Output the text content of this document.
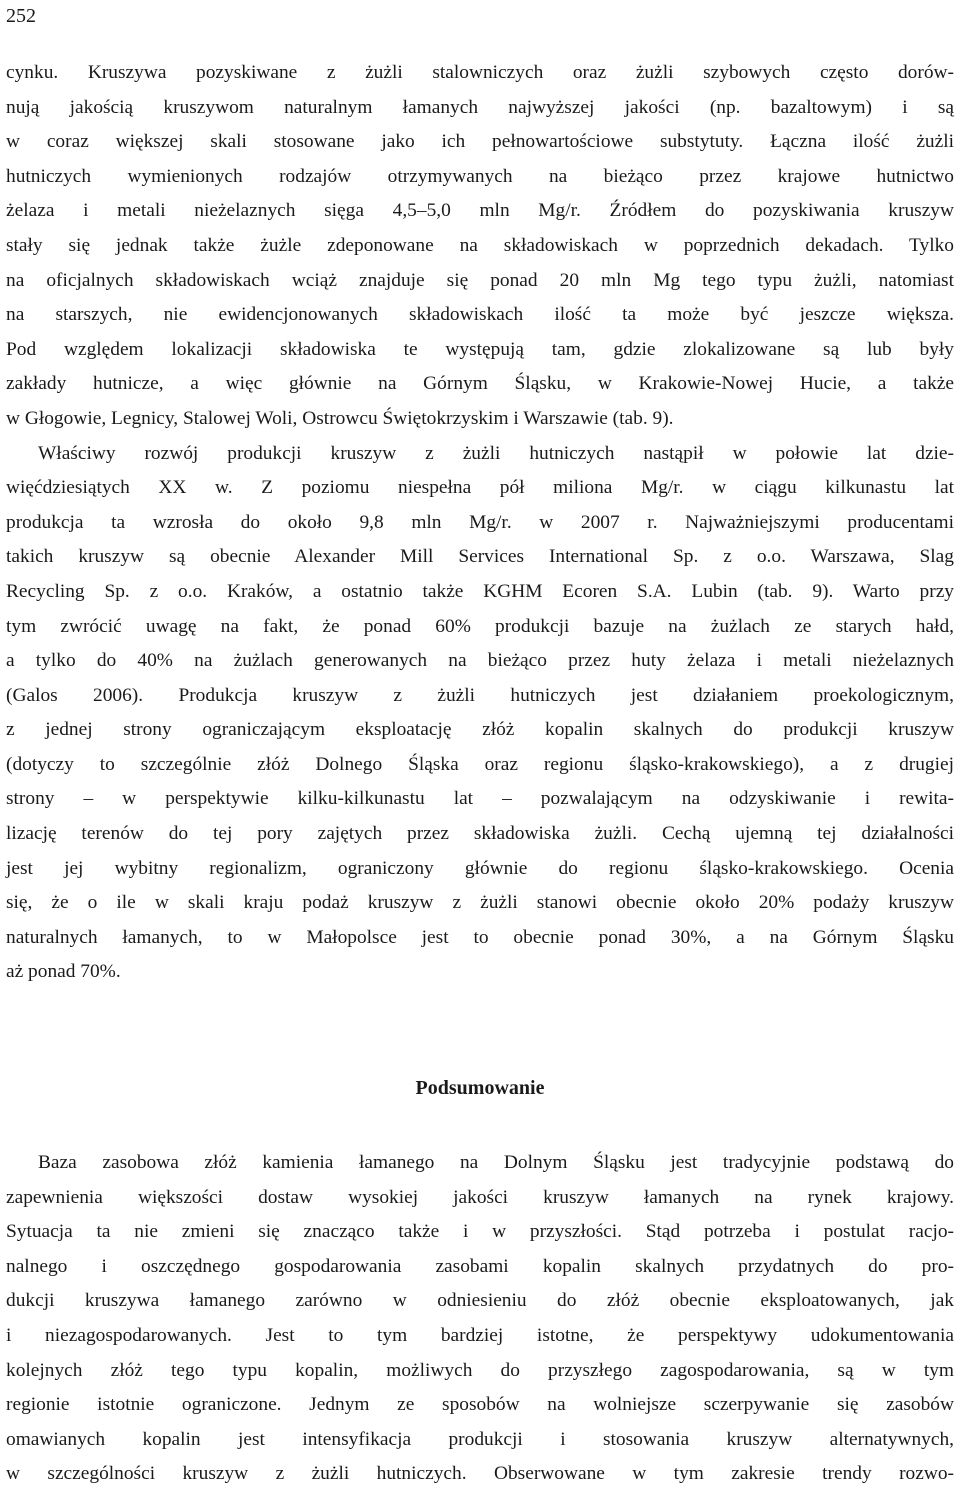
252
cynku. Kruszywa pozyskiwane z żużli stalowniczych oraz żużli szybowych często dorów-
nują jakością kruszywom naturalnym łamanych najwyższej jakości (np. bazaltowym) i są
w coraz większej skali stosowane jako ich pełnowartościowe substytuty. Łączna ilość żużli
hutniczych wymienionych rodzajów otrzymywanych na bieżąco przez krajowe hutnictwo
żelaza i metali nieżelaznych sięga 4,5–5,0 mln Mg/r. Źródłem do pozyskiwania kruszyw
stały się jednak także żużle zdeponowane na składowiskach w poprzednich dekadach. Tylko
na oficjalnych składowiskach wciąż znajduje się ponad 20 mln Mg tego typu żużli, natomiast
na starszych, nie ewidencjonowanych składowiskach ilość ta może być jeszcze większa.
Pod względem lokalizacji składowiska te występują tam, gdzie zlokalizowane są lub były
zakłady hutnicze, a więc głównie na Górnym Śląsku, w Krakowie-Nowej Hucie, a także
w Głogowie, Legnicy, Stalowej Woli, Ostrowcu Świętokrzyskim i Warszawie (tab. 9).
Właściwy rozwój produkcji kruszyw z żużli hutniczych nastąpił w połowie lat dzie-
więćdziesiątych XX w. Z poziomu niespełna pół miliona Mg/r. w ciągu kilkunastu lat
produkcja ta wzrosła do około 9,8 mln Mg/r. w 2007 r. Najważniejszymi producentami
takich kruszyw są obecnie Alexander Mill Services International Sp. z o.o. Warszawa, Slag
Recycling Sp. z o.o. Kraków, a ostatnio także KGHM Ecoren S.A. Lubin (tab. 9). Warto przy
tym zwrócić uwagę na fakt, że ponad 60% produkcji bazuje na żużlach ze starych hałd,
a tylko do 40% na żużlach generowanych na bieżąco przez huty żelaza i metali nieżelaznych
(Galos 2006). Produkcja kruszyw z żużli hutniczych jest działaniem proekologicznym,
z jednej strony ograniczającym eksploatację złóż kopalin skalnych do produkcji kruszyw
(dotyczy to szczególnie złóż Dolnego Śląska oraz regionu śląsko-krakowskiego), a z drugiej
strony – w perspektywie kilku-kilkunastu lat – pozwalającym na odzyskiwanie i rewita-
lizację terenów do tej pory zajętych przez składowiska żużli. Cechą ujemną tej działalności
jest jej wybitny regionalizm, ograniczony głównie do regionu śląsko-krakowskiego. Ocenia
się, że o ile w skali kraju podaż kruszyw z żużli stanowi obecnie około 20% podaży kruszyw
naturalnych łamanych, to w Małopolsce jest to obecnie ponad 30%, a na Górnym Śląsku
aż ponad 70%.
Podsumowanie
Baza zasobowa złóż kamienia łamanego na Dolnym Śląsku jest tradycyjnie podstawą do
zapewnienia większości dostaw wysokiej jakości kruszyw łamanych na rynek krajowy.
Sytuacja ta nie zmieni się znacząco także i w przyszłości. Stąd potrzeba i postulat racjo-
nalnego i oszczędnego gospodarowania zasobami kopalin skalnych przydatnych do pro-
dukcji kruszywa łamanego zarówno w odniesieniu do złóż obecnie eksploatowanych, jak
i niezagospodarowanych. Jest to tym bardziej istotne, że perspektywy udokumentowania
kolejnych złóż tego typu kopalin, możliwych do przyszłego zagospodarowania, są w tym
regionie istotnie ograniczone. Jednym ze sposobów na wolniejsze sczerpywanie się zasobów
omawianych kopalin jest intensyfikacja produkcji i stosowania kruszyw alternatywnych,
w szczególności kruszyw z żużli hutniczych. Obserwowane w tym zakresie trendy rozwo-
